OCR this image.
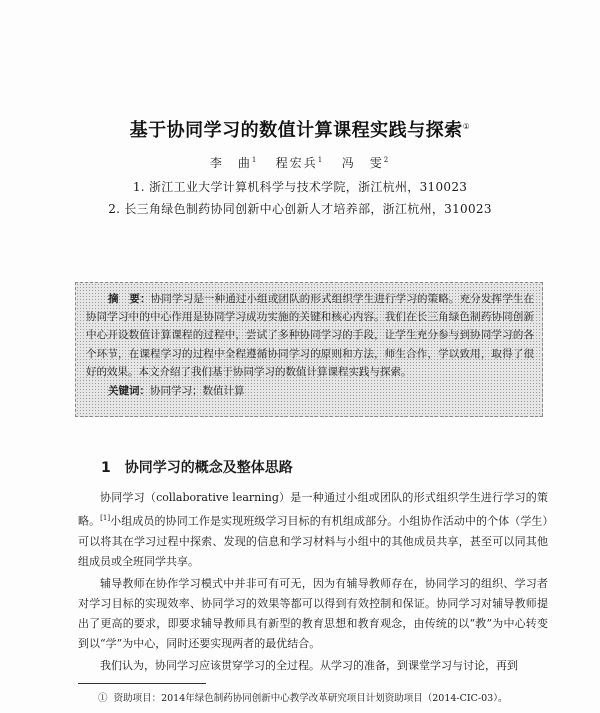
基于协同学习的数值计算课程实践与探索①
李　曲$^1$ 程宏兵$^1$ 冯　雯$^2$
1. 浙江工业大学计算机科学与技术学院，浙江杭州，310023
2. 长三角绿色制药协同创新中心创新人才培养部，浙江杭州，310023

摘　要：协同学习是一种通过小组或团队的形式组织学生进行学习的策略。充分发挥学生在协同学习中的中心作用是协同学习成功实施的关键和核心内容。我们在长三角绿色制药协同创新中心开设数值计算课程的过程中，尝试了多种协同学习的手段，让学生充分参与到协同学习的各个环节，在课程学习的过程中全程遵循协同学习的原则和方法，师生合作，学以致用，取得了很好的效果。本文介绍了我们基于协同学习的数值计算课程实践与探索。

关键词：协同学习；数值计算
1 协同学习的概念及整体思路

协同学习（collaborative learning）是一种通过小组或团队的形式组织学生进行学习的策略。[1]小组成员的协同工作是实现班级学习目标的有机组成部分。小组协作活动中的个体（学生）可以将其在学习过程中探索、发现的信息和学习材料与小组中的其他成员共享，甚至可以同其他组成员或全班同学共享。

辅导教师在协作学习模式中并非可有可无，因为有辅导教师存在，协同学习的组织、学习者对学习目标的实现效率、协同学习的效果等都可以得到有效控制和保证。协同学习对辅导教师提出了更高的要求，即要求辅导教师具有新型的教育思想和教育观念，由传统的以“教”为中心转变到以“学”为中心，同时还要实现两者的最优结合。

我们认为，协同学习应该贯穿学习的全过程。从学习的准备，到课堂学习与讨论，再到

① 资助项目：2014年绿色制药协同创新中心教学改革研究项目计划资助项目（2014-CIC-03）。
